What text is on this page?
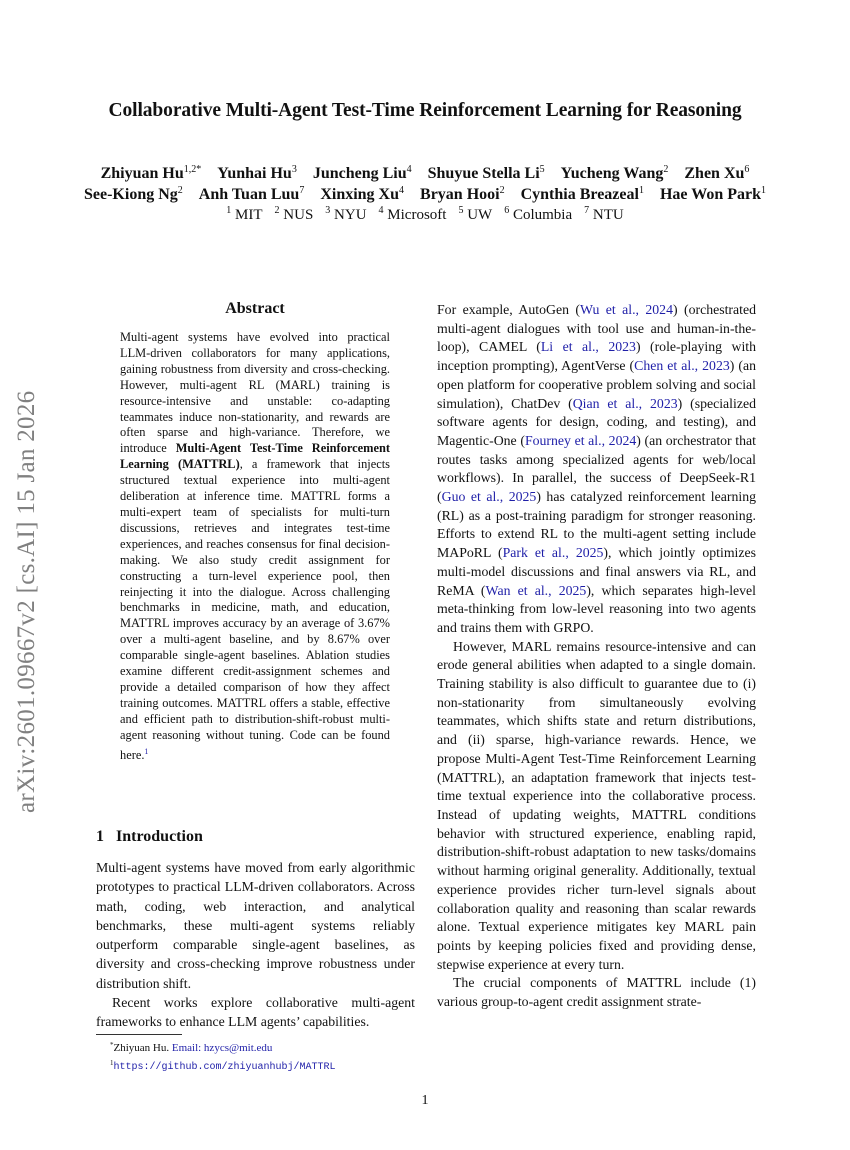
arXiv:2601.09667v2 [cs.AI] 15 Jan 2026
Collaborative Multi-Agent Test-Time Reinforcement Learning for Reasoning
Zhiyuan $Hu^{1,2*}$ Yunhai Hu$^3$ Juncheng Liu$^4$ Shuyue Stella Li$^5$ Yucheng Wang$^2$ Zhen Xu$^6$
See-Kiong Ng$^2$ Anh Tuan Luu$^7$ Xinxing Xu$^4$ Bryan Hooi$^2$ Cynthia Breazeal$^1$ Hae Won Park$^1$
$^1$ MIT $^2$ NUS $^3$ NYU $^4$ Microsoft $^5$ UW $^6$ Columbia $^7$ NTU
Abstract
Multi-agent systems have evolved into practical LLM-driven collaborators for many applications, gaining robustness from diversity and cross-checking. However, multi-agent RL (MARL) training is resource-intensive and unstable: co-adapting teammates induce non-stationarity, and rewards are often sparse and high-variance. Therefore, we introduce Multi-Agent Test-Time Reinforcement Learning (MATTRL), a framework that injects structured textual experience into multi-agent deliberation at inference time. MATTRL forms a multi-expert team of specialists for multi-turn discussions, retrieves and integrates test-time experiences, and reaches consensus for final decision-making. We also study credit assignment for constructing a turn-level experience pool, then reinjecting it into the dialogue. Across challenging benchmarks in medicine, math, and education, MATTRL improves accuracy by an average of 3.67% over a multi-agent baseline, and by 8.67% over comparable single-agent baselines. Ablation studies examine different credit-assignment schemes and provide a detailed comparison of how they affect training outcomes. MATTRL offers a stable, effective and efficient path to distribution-shift-robust multi-agent reasoning without tuning. Code can be found here.$^1$
1 Introduction

Multi-agent systems have moved from early algorithmic prototypes to practical LLM-driven collaborators. Across math, coding, web interaction, and analytical benchmarks, these multi-agent systems reliably outperform comparable single-agent baselines, as diversity and cross-checking improve robustness under distribution shift.

Recent works explore collaborative multi-agent frameworks to enhance LLM agents’ capabilities.

*Zhiyuan Hu. Email: hzycs@mit.edu
$^1$https://github.com/zhiyuanhubj/MATTRL

For example, AutoGen (Wu et al., 2024) (orchestrated multi-agent dialogues with tool use and human-in-the-loop), CAMEL (Li et al., 2023) (role-playing with inception prompting), AgentVerse (Chen et al., 2023) (an open platform for cooperative problem solving and social simulation), ChatDev (Qian et al., 2023) (specialized software agents for design, coding, and testing), and Magentic-One (Fourney et al., 2024) (an orchestrator that routes tasks among specialized agents for web/local workflows). In parallel, the success of DeepSeek-R1 (Guo et al., 2025) has catalyzed reinforcement learning (RL) as a post-training paradigm for stronger reasoning. Efforts to extend RL to the multi-agent setting include MAPoRL (Park et al., 2025), which jointly optimizes multi-model discussions and final answers via RL, and ReMA (Wan et al., 2025), which separates high-level meta-thinking from low-level reasoning into two agents and trains them with GRPO.

However, MARL remains resource-intensive and can erode general abilities when adapted to a single domain. Training stability is also difficult to guarantee due to (i) non-stationarity from simultaneously evolving teammates, which shifts state and return distributions, and (ii) sparse, high-variance rewards. Hence, we propose Multi-Agent Test-Time Reinforcement Learning (MATTRL), an adaptation framework that injects test-time textual experience into the collaborative process. Instead of updating weights, MATTRL conditions behavior with structured experience, enabling rapid, distribution-shift-robust adaptation to new tasks/domains without harming original generality. Additionally, textual experience provides richer turn-level signals about collaboration quality and reasoning than scalar rewards alone. Textual experience mitigates key MARL pain points by keeping policies fixed and providing dense, stepwise experience at every turn.

The crucial components of MATTRL include (1) various group-to-agent credit assignment strate-

1
